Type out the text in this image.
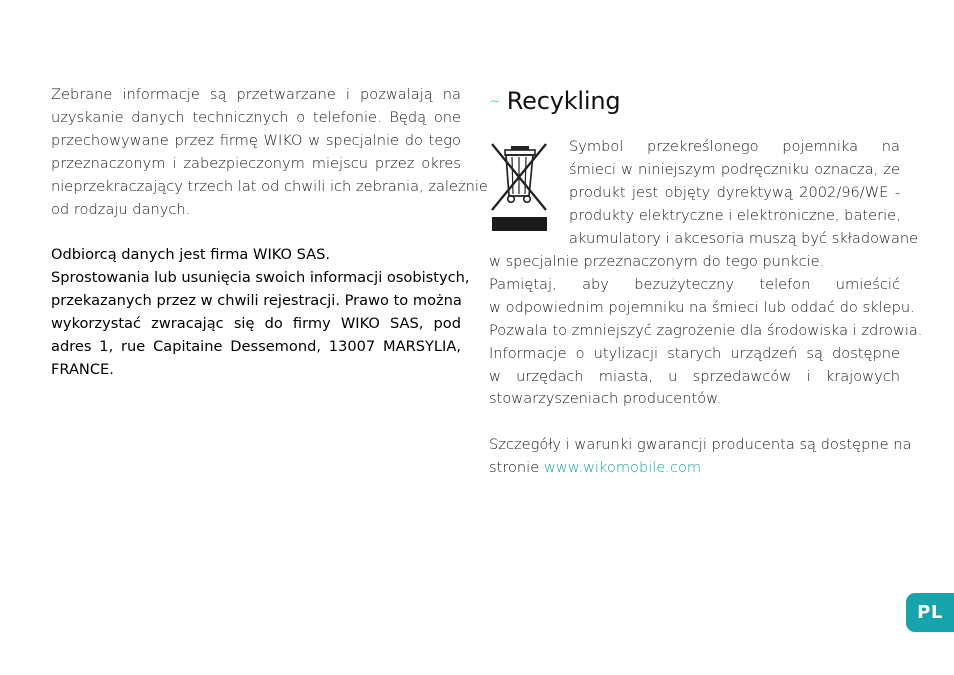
Zebrane informacje są przetwarzane i pozwalają na
uzyskanie danych technicznych o telefonie. Będą one
przechowywane przez firmę WIKO w specjalnie do tego
przeznaczonym i zabezpieczonym miejscu przez okres
nieprzekraczający trzech lat od chwili ich zebrania, zależnie
od rodzaju danych.

Odbiorcą danych jest firma WIKO SAS.
Sprostowania lub usunięcia swoich informacji osobistych,
przekazanych przez w chwili rejestracji. Prawo to można
wykorzystać zwracając się do firmy WIKO SAS, pod
adres 1, rue Capitaine Dessemond, 13007 MARSYLIA,
FRANCE.

~ Recykling

Symbol przekreślonego pojemnika na
śmieci w niniejszym podręczniku oznacza, że
produkt jest objęty dyrektywą 2002/96/WE -
produkty elektryczne i elektroniczne, baterie,
akumulatory i akcesoria muszą być składowane

w specjalnie przeznaczonym do tego punkcie.
Pamiętaj, aby bezużyteczny telefon umieścić
w odpowiednim pojemniku na śmieci lub oddać do sklepu.
Pozwala to zmniejszyć zagrożenie dla środowiska i zdrowia.
Informacje o utylizacji starych urządzeń są dostępne
w urzędach miasta, u sprzedawców i krajowych
stowarzyszeniach producentów.

Szczegóły i warunki gwarancji producenta są dostępne na
stronie www.wikomobile.com

PL
